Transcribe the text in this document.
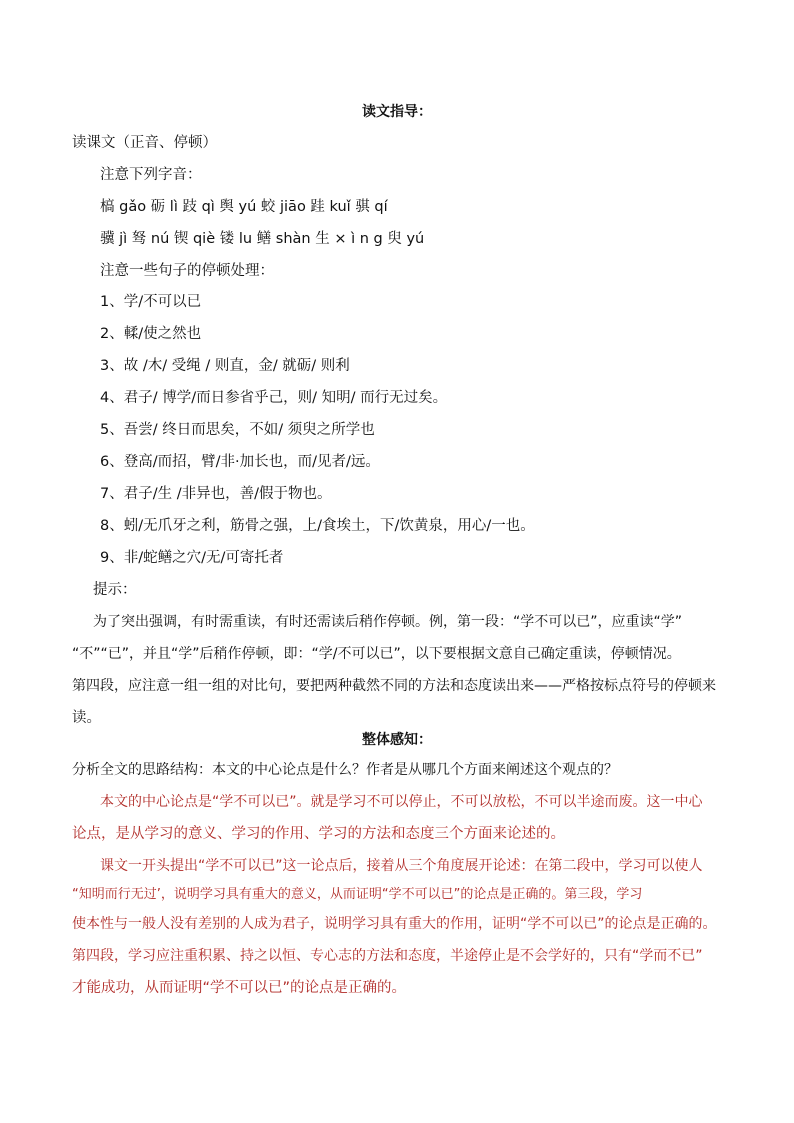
读文指导：
读课文（正音、停顿）
注意下列字音：
槁 gǎo 砺 lì 跂 qì 舆 yú 蛟 jiāo 跬 kuǐ 骐 qí
骥 jì 驽 nú 锲 qiè 镂 lu 鳝 shàn 生 × ì n g 臾 yú
注意一些句子的停顿处理：
1、学/不可以已
2、輮/使之然也
3、故 /木/ 受绳 / 则直，金/ 就砺/ 则利
4、君子/ 博学/而日参省乎己，则/ 知明/ 而行无过矣。
5、吾尝/ 终日而思矣，不如/ 须臾之所学也
6、登高/而招，臂/非·加长也，而/见者/远。
7、君子/生 /非异也，善/假于物也。
8、蚓/无爪牙之利，筋骨之强，上/食埃土，下/饮黄泉，用心/一也。
9、非/蛇鳝之穴/无/可寄托者
提示：
为了突出强调，有时需重读，有时还需读后稍作停顿。例，第一段：“学不可以已”，应重读“学”
“不”“已”，并且“学”后稍作停顿，即：“学/不可以已”，以下要根据文意自己确定重读，停顿情况。
第四段，应注意一组一组的对比句，要把两种截然不同的方法和态度读出来——严格按标点符号的停顿来
读。
整体感知：
分析全文的思路结构：本文的中心论点是什么？作者是从哪几个方面来阐述这个观点的？
本文的中心论点是“学不可以已”。就是学习不可以停止，不可以放松，不可以半途而废。这一中心
论点，是从学习的意义、学习的作用、学习的方法和态度三个方面来论述的。
课文一开头提出“学不可以已”这一论点后，接着从三个角度展开论述：在第二段中，学习可以使人
“知明而行无过’，说明学习具有重大的意义，从而证明“学不可以已”的论点是正确的。第三段，学习
使本性与一般人没有差别的人成为君子，说明学习具有重大的作用，证明“学不可以已”的论点是正确的。
第四段，学习应注重积累、持之以恒、专心志的方法和态度，半途停止是不会学好的，只有“学而不已”
才能成功，从而证明“学不可以已”的论点是正确的。
